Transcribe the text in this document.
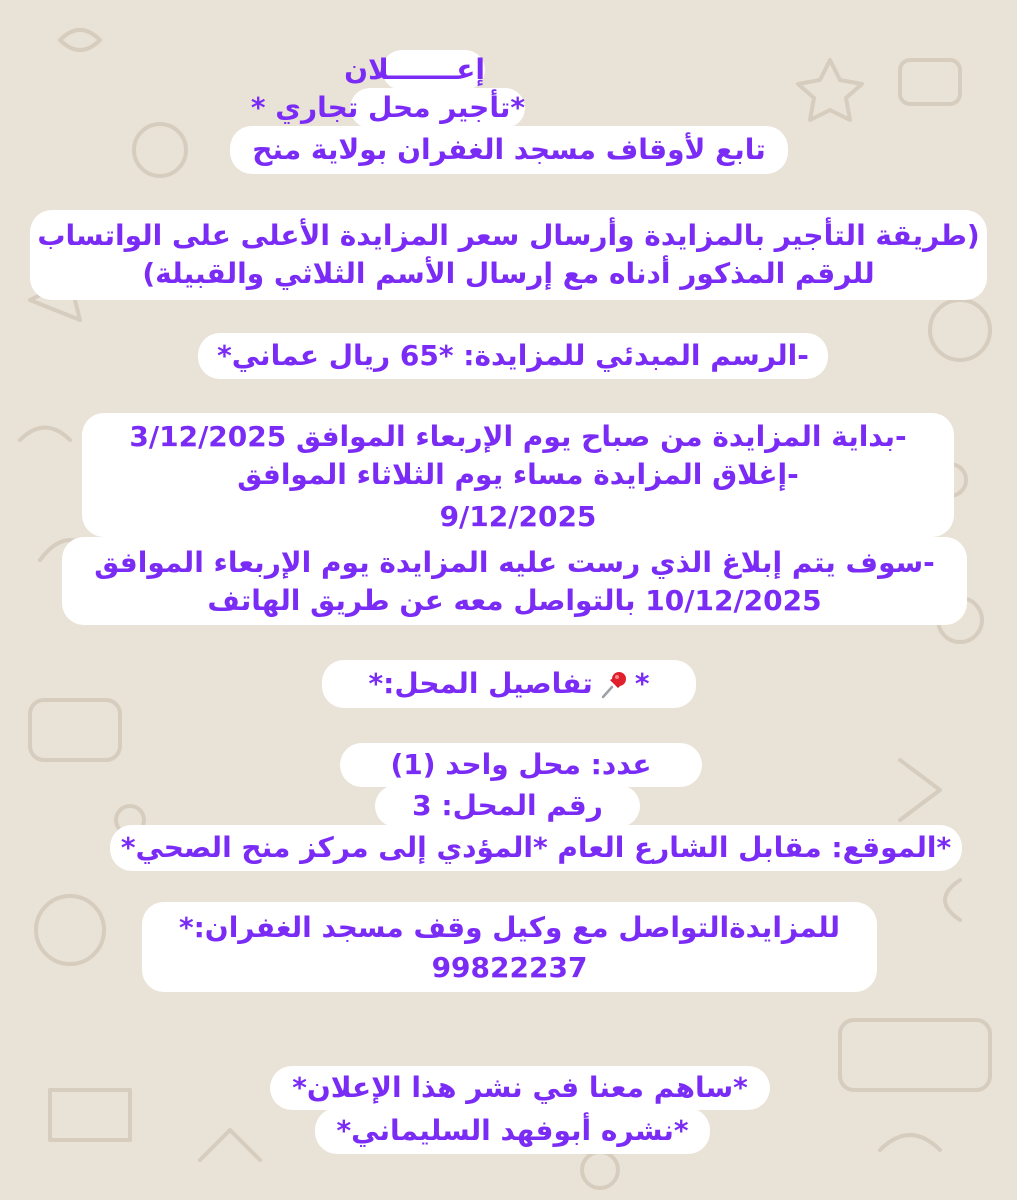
إعـــــــلان
*تأجير محل تجاري *
تابع لأوقاف مسجد الغفران بولاية منح
(طريقة التأجير بالمزايدة وأرسال سعر المزايدة الأعلى على الواتساب
للرقم المذكور أدناه مع إرسال الأسم الثلاثي والقبيلة)
-الرسم المبدئي للمزايدة: *65 ريال عماني*
-بداية المزايدة من صباح يوم الإربعاء الموافق 3/12/2025
-إغلاق المزايدة مساء يوم الثلاثاء الموافق
9/12/2025
-سوف يتم إبلاغ الذي رست عليه المزايدة يوم الإربعاء الموافق
10/12/2025 بالتواصل معه عن طريق الهاتف
*تفاصيل المحل:*
عدد: محل واحد (1)
رقم المحل: 3
*الموقع: مقابل الشارع العام *المؤدي إلى مركز منح الصحي*
للمزايدةالتواصل مع وكيل وقف مسجد الغفران:*
99822237
*ساهم معنا في نشر هذا الإعلان*
*نشره أبوفهد السليماني*
